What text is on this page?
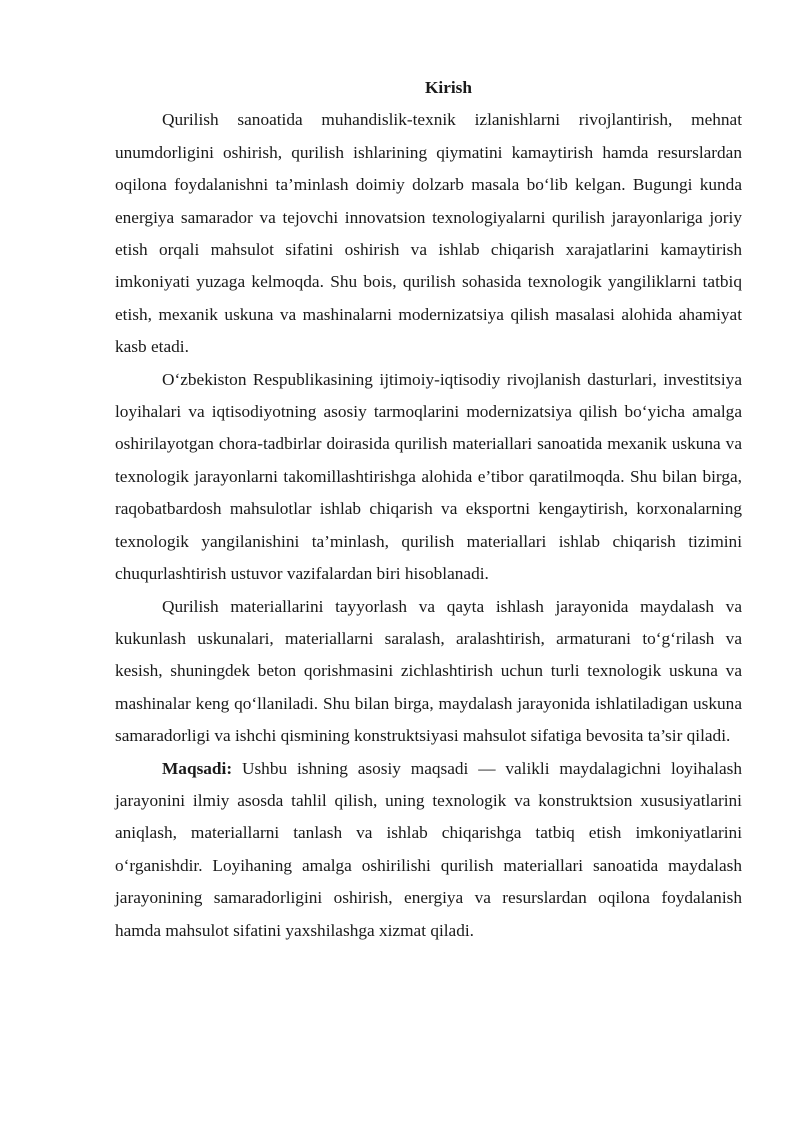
Kirish

Qurilish sanoatida muhandislik-texnik izlanishlarni rivojlantirish, mehnat unumdorligini oshirish, qurilish ishlarining qiymatini kamaytirish hamda resurslardan oqilona foydalanishni ta’minlash doimiy dolzarb masala bo‘lib kelgan. Bugungi kunda energiya samarador va tejovchi innovatsion texnologiyalarni qurilish jarayonlariga joriy etish orqali mahsulot sifatini oshirish va ishlab chiqarish xarajatlarini kamaytirish imkoniyati yuzaga kelmoqda. Shu bois, qurilish sohasida texnologik yangiliklarni tatbiq etish, mexanik uskuna va mashinalarni modernizatsiya qilish masalasi alohida ahamiyat kasb etadi.

O‘zbekiston Respublikasining ijtimoiy-iqtisodiy rivojlanish dasturlari, investitsiya loyihalari va iqtisodiyotning asosiy tarmoqlarini modernizatsiya qilish bo‘yicha amalga oshirilayotgan chora-tadbirlar doirasida qurilish materiallari sanoatida mexanik uskuna va texnologik jarayonlarni takomillashtirishga alohida e’tibor qaratilmoqda. Shu bilan birga, raqobatbardosh mahsulotlar ishlab chiqarish va eksportni kengaytirish, korxonalarning texnologik yangilanishini ta’minlash, qurilish materiallari ishlab chiqarish tizimini chuqurlashtirish ustuvor vazifalardan biri hisoblanadi.

Qurilish materiallarini tayyorlash va qayta ishlash jarayonida maydalash va kukunlash uskunalari, materiallarni saralash, aralashtirish, armaturani to‘g‘rilash va kesish, shuningdek beton qorishmasini zichlashtirish uchun turli texnologik uskuna va mashinalar keng qo‘llaniladi. Shu bilan birga, maydalash jarayonida ishlatiladigan uskuna samaradorligi va ishchi qismining konstruktsiyasi mahsulot sifatiga bevosita ta’sir qiladi.

Maqsadi: Ushbu ishning asosiy maqsadi — valikli maydalagichni loyihalash jarayonini ilmiy asosda tahlil qilish, uning texnologik va konstruktsion xususiyatlarini aniqlash, materiallarni tanlash va ishlab chiqarishga tatbiq etish imkoniyatlarini o‘rganishdir. Loyihaning amalga oshirilishi qurilish materiallari sanoatida maydalash jarayonining samaradorligini oshirish, energiya va resurslardan oqilona foydalanish hamda mahsulot sifatini yaxshilashga xizmat qiladi.
